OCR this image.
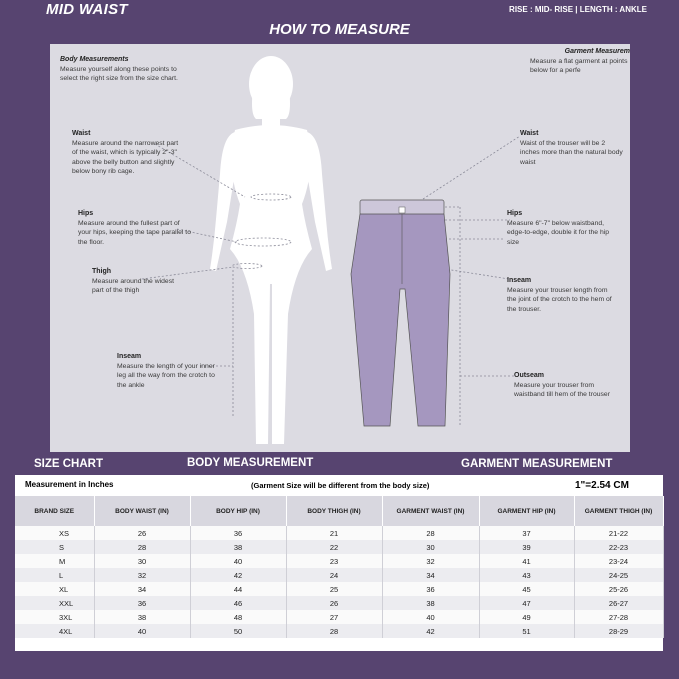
MID WAIST	RISE : MID- RISE | LENGTH : ANKLE
HOW TO MEASURE
Body Measurements
Measure yourself along these points to select the right size from the size chart.
Waist
Measure around the narrowest part of the waist, which is typically 2"-3" above the belly button and slightly below bony rib cage.
Hips
Measure around the fullest part of your hips, keeping the tape parallel to the floor.
Thigh
Measure around the widest part of the thigh
Inseam
Measure the length of your inner leg all the way from the crotch to the ankle
Garment Measurem
Measure a flat garment at points below for a perfe
Waist
Waist of the trouser will be 2 inches more than the natural body waist
Hips
Measure 6"-7" below waistband, edge-to-edge, double it for the hip size
Inseam
Measure your trouser length from the joint of the crotch to the hem of the trouser.
Outseam
Measure your trouser from waistband till hem of the trouser
SIZE CHART	BODY MEASUREMENT	GARMENT MEASUREMENT
Measurement in Inches	(Garment Size will be different from the body size)	1"=2.54 CM
BRAND SIZE	BODY WAIST (IN)	BODY HIP (IN)	BODY THIGH (IN)	GARMENT WAIST (IN)	GARMENT HIP (IN)	GARMENT THIGH (IN)
XS	26	36	21	28	37	21-22
S	28	38	22	30	39	22-23
M	30	40	23	32	41	23-24
L	32	42	24	34	43	24-25
XL	34	44	25	36	45	25-26
XXL	36	46	26	38	47	26-27
3XL	38	48	27	40	49	27-28
4XL	40	50	28	42	51	28-29
